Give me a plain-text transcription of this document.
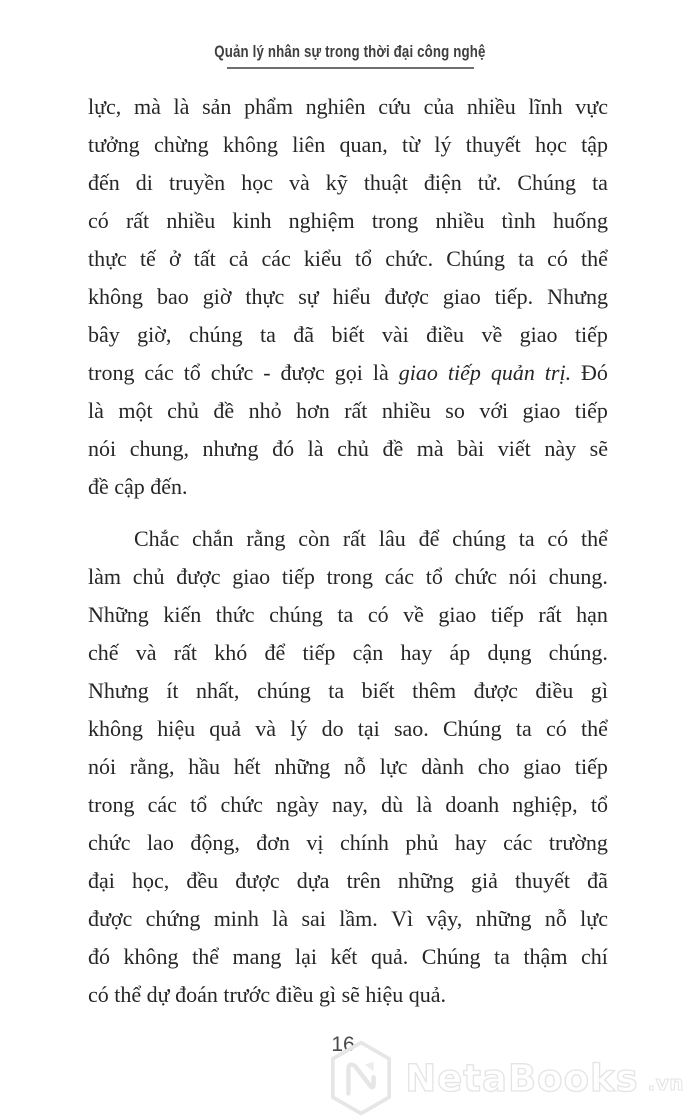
Quản lý nhân sự trong thời đại công nghệ
lực, mà là sản phẩm nghiên cứu của nhiều lĩnh vực
tưởng chừng không liên quan, từ lý thuyết học tập
đến di truyền học và kỹ thuật điện tử. Chúng ta
có rất nhiều kinh nghiệm trong nhiều tình huống
thực tế ở tất cả các kiểu tổ chức. Chúng ta có thể
không bao giờ thực sự hiểu được giao tiếp. Nhưng
bây giờ, chúng ta đã biết vài điều về giao tiếp
trong các tổ chức - được gọi là giao tiếp quản trị. Đó
là một chủ đề nhỏ hơn rất nhiều so với giao tiếp
nói chung, nhưng đó là chủ đề mà bài viết này sẽ
đề cập đến.
Chắc chắn rằng còn rất lâu để chúng ta có thể
làm chủ được giao tiếp trong các tổ chức nói chung.
Những kiến thức chúng ta có về giao tiếp rất hạn
chế và rất khó để tiếp cận hay áp dụng chúng.
Nhưng ít nhất, chúng ta biết thêm được điều gì
không hiệu quả và lý do tại sao. Chúng ta có thể
nói rằng, hầu hết những nỗ lực dành cho giao tiếp
trong các tổ chức ngày nay, dù là doanh nghiệp, tổ
chức lao động, đơn vị chính phủ hay các trường
đại học, đều được dựa trên những giả thuyết đã
được chứng minh là sai lầm. Vì vậy, những nỗ lực
đó không thể mang lại kết quả. Chúng ta thậm chí
có thể dự đoán trước điều gì sẽ hiệu quả.
16
NetaBooks .vn
